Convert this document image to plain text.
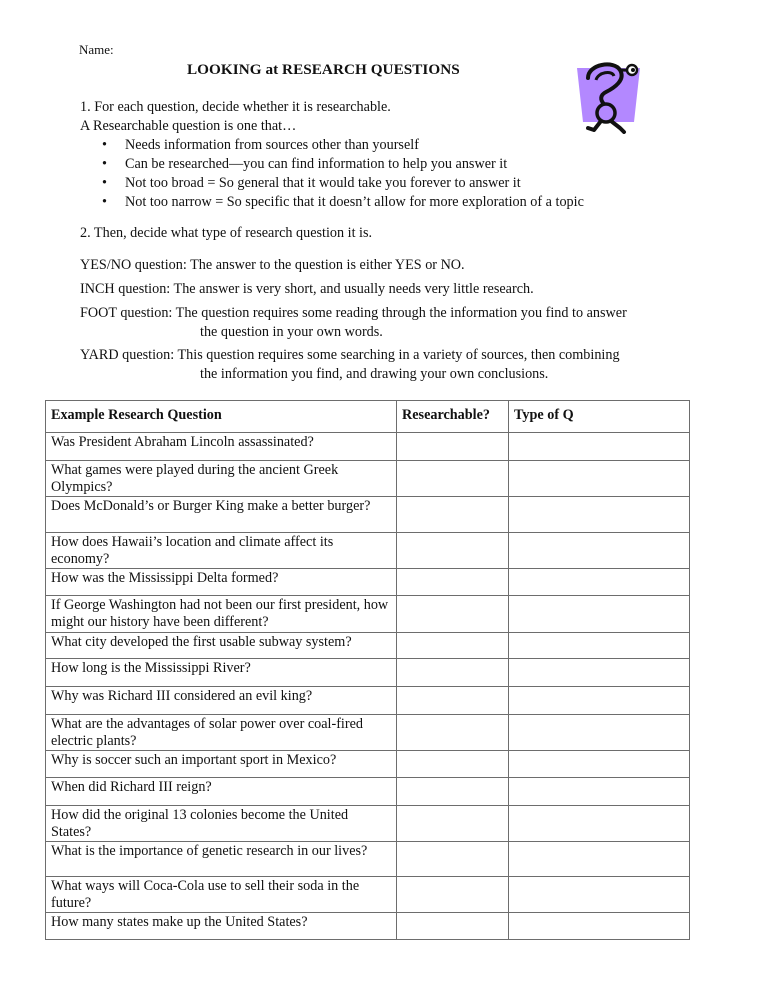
Name:
LOOKING at RESEARCH QUESTIONS
1. For each question, decide whether it is researchable.
A Researchable question is one that…
• Needs information from sources other than yourself
• Can be researched—you can find information to help you answer it
• Not too broad = So general that it would take you forever to answer it
• Not too narrow = So specific that it doesn’t allow for more exploration of a topic
2. Then, decide what type of research question it is.
YES/NO question: The answer to the question is either YES or NO.
INCH question: The answer is very short, and usually needs very little research.
FOOT question: The question requires some reading through the information you find to answer
the question in your own words.
YARD question: This question requires some searching in a variety of sources, then combining
the information you find, and drawing your own conclusions.
Example Research Question	Researchable?	Type of Q
Was President Abraham Lincoln assassinated?		
What games were played during the ancient Greek Olympics?		
Does McDonald’s or Burger King make a better burger?		
How does Hawaii’s location and climate affect its economy?		
How was the Mississippi Delta formed?		
If George Washington had not been our first president, how might our history have been different?		
What city developed the first usable subway system?		
How long is the Mississippi River?		
Why was Richard III considered an evil king?		
What are the advantages of solar power over coal-fired electric plants?		
Why is soccer such an important sport in Mexico?		
When did Richard III reign?		
How did the original 13 colonies become the United States?		
What is the importance of genetic research in our lives?		
What ways will Coca-Cola use to sell their soda in the future?		
How many states make up the United States?		
